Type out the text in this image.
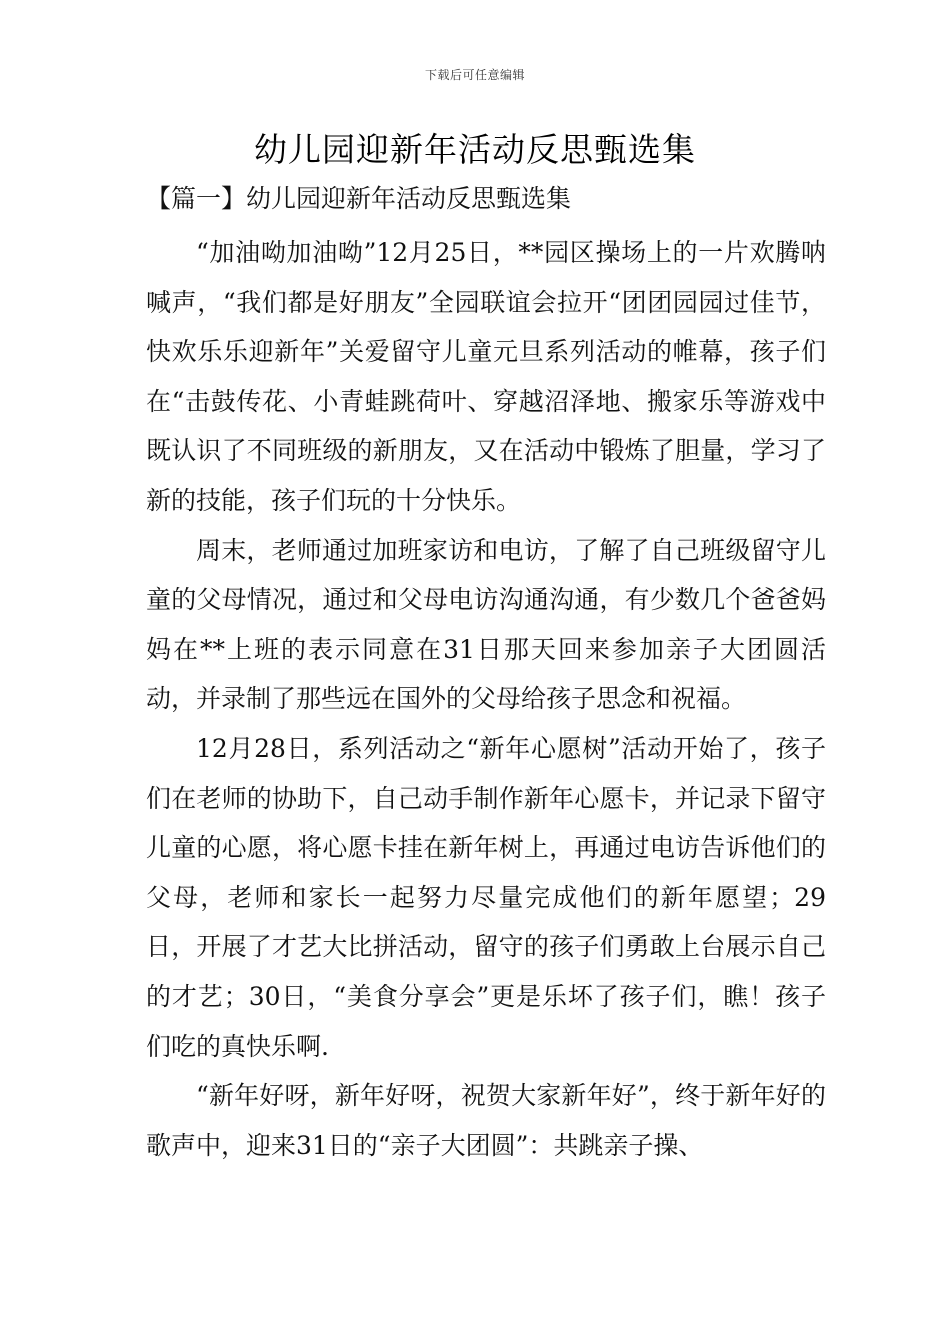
下载后可任意编辑
幼儿园迎新年活动反思甄选集
【篇一】幼儿园迎新年活动反思甄选集

“加油呦加油呦”12月25日，**园区操场上的一片欢腾呐喊声，“我们都是好朋友”全园联谊会拉开“团团园园过佳节，快欢乐乐迎新年”关爱留守儿童元旦系列活动的帷幕，孩子们在“击鼓传花、小青蛙跳荷叶、穿越沼泽地、搬家乐等游戏中既认识了不同班级的新朋友，又在活动中锻炼了胆量，学习了新的技能，孩子们玩的十分快乐。

周末，老师通过加班家访和电访，了解了自己班级留守儿童的父母情况，通过和父母电访沟通沟通，有少数几个爸爸妈妈在**上班的表示同意在31日那天回来参加亲子大团圆活动，并录制了那些远在国外的父母给孩子思念和祝福。

12月28日，系列活动之“新年心愿树”活动开始了，孩子们在老师的协助下，自己动手制作新年心愿卡，并记录下留守儿童的心愿，将心愿卡挂在新年树上，再通过电访告诉他们的父母，老师和家长一起努力尽量完成他们的新年愿望；29日，开展了才艺大比拼活动，留守的孩子们勇敢上台展示自己的才艺；30日，“美食分享会”更是乐坏了孩子们，瞧！孩子们吃的真快乐啊.

“新年好呀，新年好呀，祝贺大家新年好”，终于新年好的歌声中，迎来31日的“亲子大团圆”：共跳亲子操、
